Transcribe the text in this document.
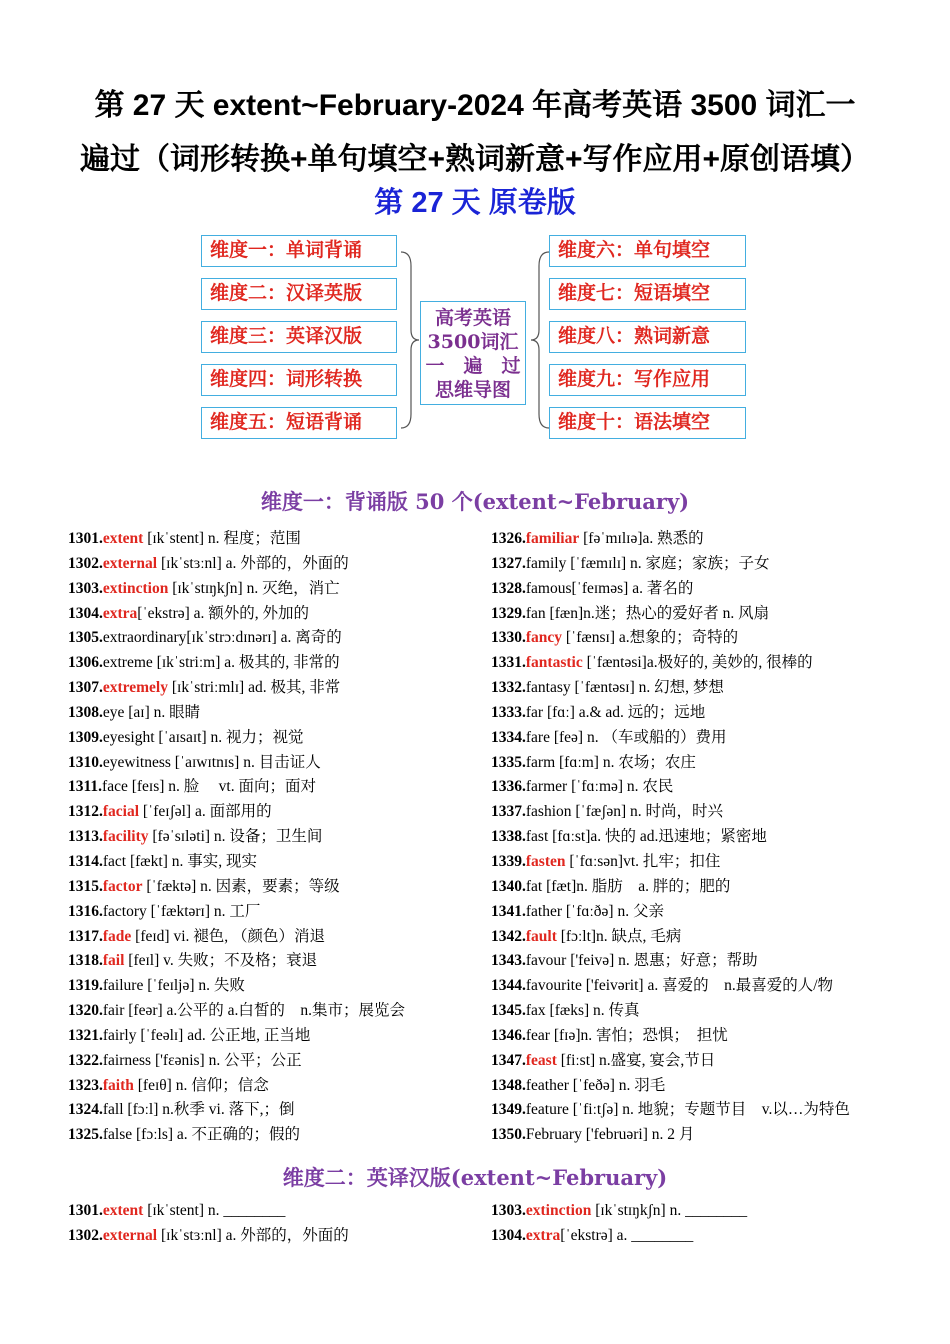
第 27 天 extent~February-2024 年高考英语 3500 词汇一
遍过（词形转换+单句填空+熟词新意+写作应用+原创语填）
第 27 天 原卷版
维度一：单词背诵
维度二：汉译英版
维度三：英译汉版
维度四：词形转换
维度五：短语背诵
高考英语
3500词汇
一　遍　过
思维导图
维度六：单句填空
维度七：短语填空
维度八：熟词新意
维度九：写作应用
维度十：语法填空
维度一：背诵版 50 个(extent~February)
1301.extent [ɪkˈstent] n. 程度；范围
1302.external [ɪkˈstɜːnl] a. 外部的，外面的
1303.extinction [ɪkˈstɪŋkʃn] n. 灭绝，消亡
1304.extra[ˈekstrə] a. 额外的, 外加的
1305.extraordinary[ɪkˈstrɔːdɪnərɪ] a. 离奇的
1306.extreme [ɪkˈstriːm] a. 极其的, 非常的
1307.extremely [ɪkˈstriːmlɪ] ad. 极其, 非常
1308.eye [aɪ] n. 眼睛
1309.eyesight [ˈaɪsaɪt] n. 视力；视觉
1310.eyewitness [ˈaɪwɪtnɪs] n. 目击证人
1311.face [feɪs] n. 脸　 vt. 面向；面对
1312.facial [ˈfeɪʃəl] a. 面部用的
1313.facility [fəˈsɪləti] n. 设备；卫生间
1314.fact [fækt] n. 事实, 现实
1315.factor [ˈfæktə] n. 因素，要素；等级
1316.factory [ˈfæktərɪ] n. 工厂
1317.fade [feɪd] vi. 褪色, （颜色）消退
1318.fail [feɪl] v. 失败；不及格；衰退
1319.failure [ˈfeɪljə] n. 失败
1320.fair [feər] a.公平的 a.白皙的　n.集市；展览会
1321.fairly [ˈfeəlɪ] ad. 公正地, 正当地
1322.fairness ['fɛənis] n. 公平；公正
1323.faith [feɪθ] n. 信仰；信念
1324.fall [fɔːl] n.秋季 vi. 落下,；倒
1325.false [fɔːls] a. 不正确的；假的
1326.familiar [fəˈmɪlɪə]a. 熟悉的
1327.family [ˈfæmɪlɪ] n. 家庭；家族；子女
1328.famous[ˈfeɪməs] a. 著名的
1329.fan [fæn]n.迷；热心的爱好者 n. 风扇
1330.fancy [ˈfænsɪ] a.想象的；奇特的
1331.fantastic [ˈfæntəsi]a.极好的, 美妙的, 很棒的
1332.fantasy [ˈfæntəsɪ] n. 幻想, 梦想
1333.far [fɑː] a.& ad. 远的；远地
1334.fare [feə] n. （车或船的）费用
1335.farm [fɑːm] n. 农场；农庄
1336.farmer [ˈfɑːmə] n. 农民
1337.fashion [ˈfæʃən] n. 时尚，时兴
1338.fast [fɑːst]a. 快的 ad.迅速地；紧密地
1339.fasten [ˈfɑːsən]vt. 扎牢；扣住
1340.fat [fæt]n. 脂肪　a. 胖的；肥的
1341.father [ˈfɑːðə] n. 父亲
1342.fault [fɔːlt]n. 缺点, 毛病
1343.favour ['feivə] n. 恩惠；好意；帮助
1344.favourite ['feivərit] a. 喜爱的　n.最喜爱的人/物
1345.fax [fæks] n. 传真
1346.fear [fɪə]n. 害怕；恐惧；　担忧
1347.feast [fiːst] n.盛宴, 宴会,节日
1348.feather [ˈfeðə] n. 羽毛
1349.feature [ˈfiːtʃə] n. 地貌；专题节目　v.以…为特色
1350.February ['februəri] n. 2 月
维度二：英译汉版(extent~February)
1301.extent [ɪkˈstent] n. ________
1302.external [ɪkˈstɜːnl] a. 外部的，外面的
1303.extinction [ɪkˈstɪŋkʃn] n. ________
1304.extra[ˈekstrə] a. ________
